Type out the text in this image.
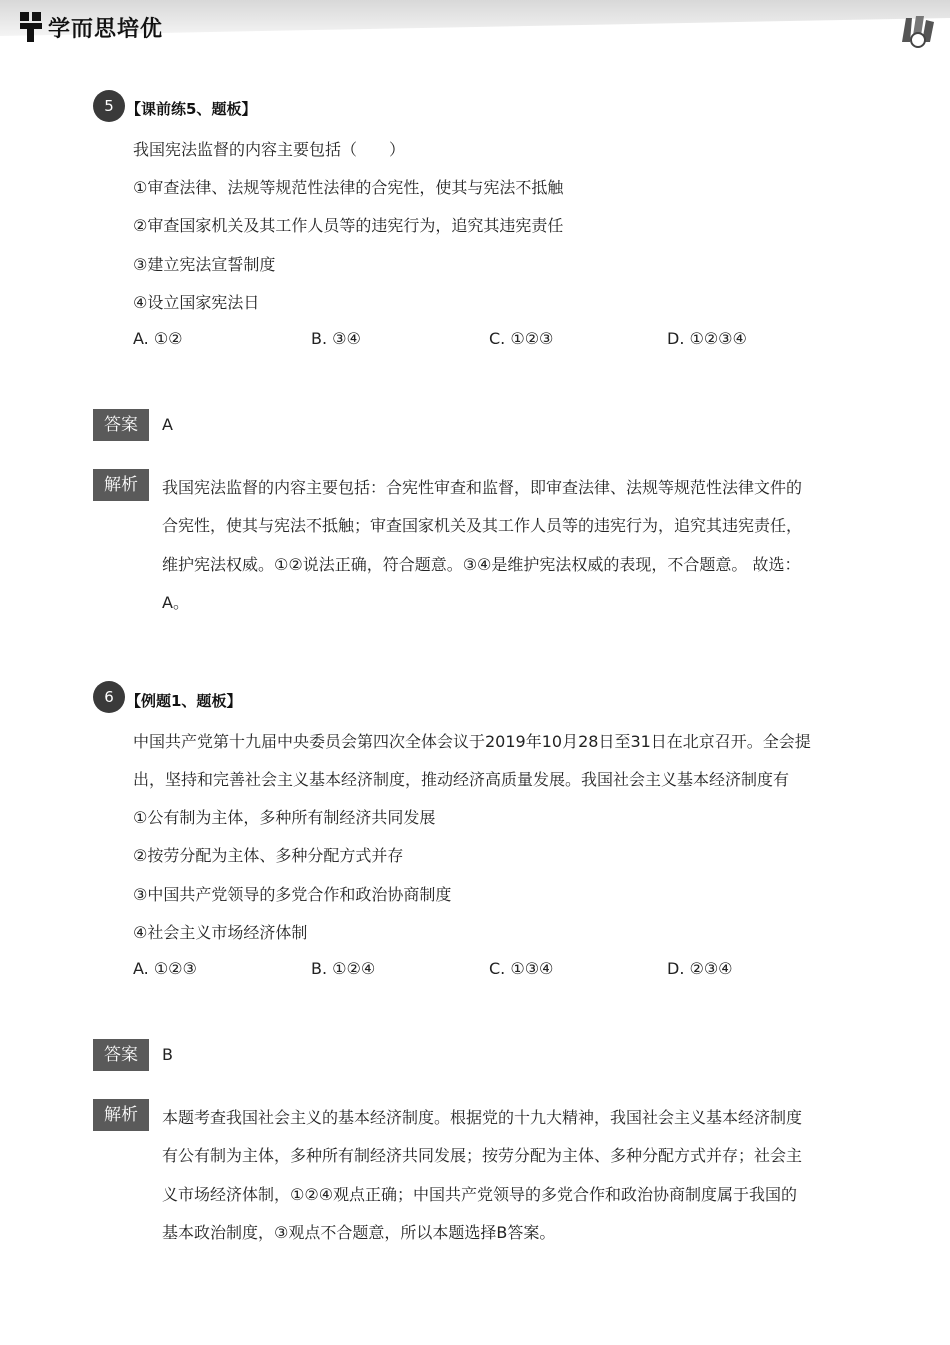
学而思培优
5 【课前练5、题板】
我国宪法监督的内容主要包括（　　）
①审查法律、法规等规范性法律的合宪性，使其与宪法不抵触
②审查国家机关及其工作人员等的违宪行为，追究其违宪责任
③建立宪法宣誓制度
④设立国家宪法日
A. ①②	B. ③④	C. ①②③	D. ①②③④
答案	A
解析	我国宪法监督的内容主要包括：合宪性审查和监督，即审查法律、法规等规范性法律文件的
合宪性，使其与宪法不抵触；审查国家机关及其工作人员等的违宪行为，追究其违宪责任，
维护宪法权威。①②说法正确，符合题意。③④是维护宪法权威的表现，不合题意。 故选：
A。
6 【例题1、题板】
中国共产党第十九届中央委员会第四次全体会议于2019年10月28日至31日在北京召开。全会提
出，坚持和完善社会主义基本经济制度，推动经济高质量发展。我国社会主义基本经济制度有
①公有制为主体，多种所有制经济共同发展
②按劳分配为主体、多种分配方式并存
③中国共产党领导的多党合作和政治协商制度
④社会主义市场经济体制
A. ①②③	B. ①②④	C. ①③④	D. ②③④
答案	B
解析	本题考查我国社会主义的基本经济制度。根据党的十九大精神，我国社会主义基本经济制度
有公有制为主体，多种所有制经济共同发展；按劳分配为主体、多种分配方式并存；社会主
义市场经济体制，①②④观点正确；中国共产党领导的多党合作和政治协商制度属于我国的
基本政治制度，③观点不合题意，所以本题选择B答案。
